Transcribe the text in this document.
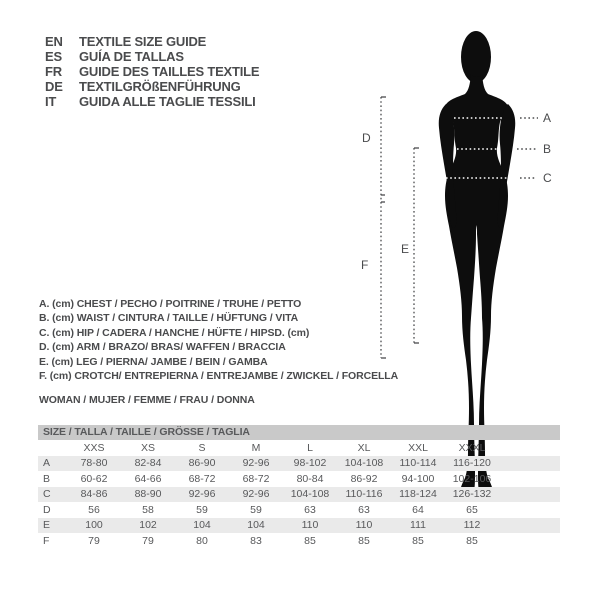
EN TEXTILE SIZE GUIDE
ES GUÍA DE TALLAS
FR GUIDE DES TAILLES TEXTILE
DE TEXTILGRÖßENFÜHRUNG
IT GUIDA ALLE TAGLIE TESSILI
A
B
C
D
E
F
A. (cm) CHEST / PECHO / POITRINE / TRUHE / PETTO
B. (cm) WAIST / CINTURA / TAILLE / HÜFTUNG / VITA
C. (cm) HIP / CADERA / HANCHE / HÜFTE / HIPSD. (cm)
D. (cm) ARM / BRAZO/ BRAS/ WAFFEN / BRACCIA
E. (cm) LEG / PIERNA/ JAMBE / BEIN / GAMBA
F. (cm) CROTCH/ ENTREPIERNA / ENTREJAMBE / ZWICKEL / FORCELLA
WOMAN / MUJER / FEMME / FRAU / DONNA
SIZE / TALLA / TAILLE / GRÖSSE / TAGLIA
	XXS	XS	S	M	L	XL	XXL	XXXL	
A	78-80	82-84	86-90	92-96	98-102	104-108	110-114	116-120	
B	60-62	64-66	68-72	68-72	80-84	86-92	94-100	102-106	
C	84-86	88-90	92-96	92-96	104-108	110-116	118-124	126-132	
D	56	58	59	59	63	63	64	65	
E	100	102	104	104	110	110	111	112	
F	79	79	80	83	85	85	85	85	
